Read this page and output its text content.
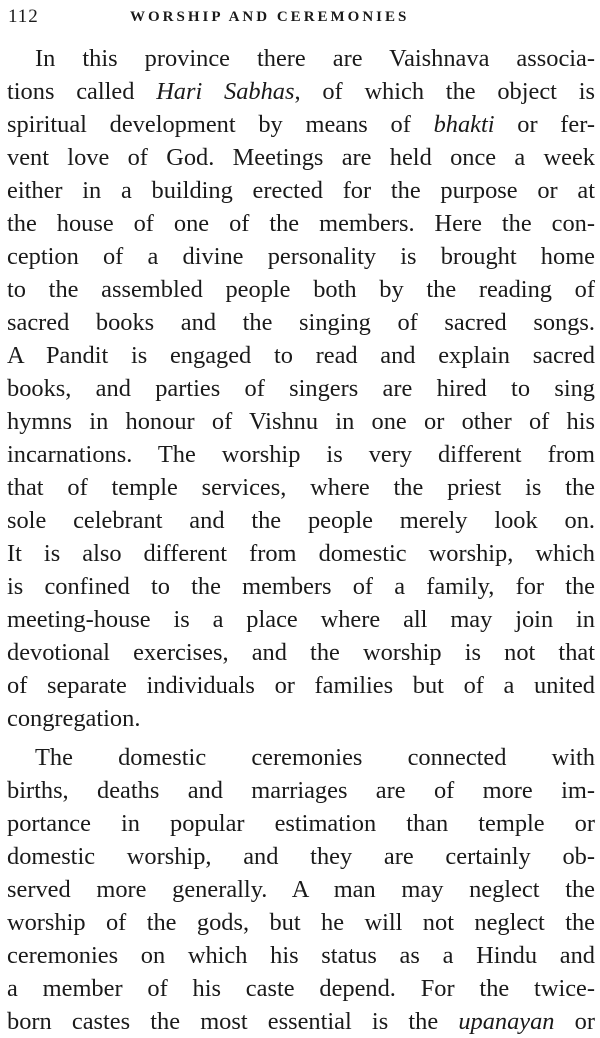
112	WORSHIP AND CEREMONIES
In this province there are Vaishnava associa-
tions called Hari Sabhas, of which the object is
spiritual development by means of bhakti or fer-
vent love of God. Meetings are held once a week
either in a building erected for the purpose or at
the house of one of the members. Here the con-
ception of a divine personality is brought home
to the assembled people both by the reading of
sacred books and the singing of sacred songs.
A Pandit is engaged to read and explain sacred
books, and parties of singers are hired to sing
hymns in honour of Vishnu in one or other of his
incarnations. The worship is very different from
that of temple services, where the priest is the
sole celebrant and the people merely look on.
It is also different from domestic worship, which
is confined to the members of a family, for the
meeting-house is a place where all may join in
devotional exercises, and the worship is not that
of separate individuals or families but of a united
congregation.
The domestic ceremonies connected with
births, deaths and marriages are of more im-
portance in popular estimation than temple or
domestic worship, and they are certainly ob-
served more generally. A man may neglect the
worship of the gods, but he will not neglect the
ceremonies on which his status as a Hindu and
a member of his caste depend. For the twice-
born castes the most essential is the upanayan or
